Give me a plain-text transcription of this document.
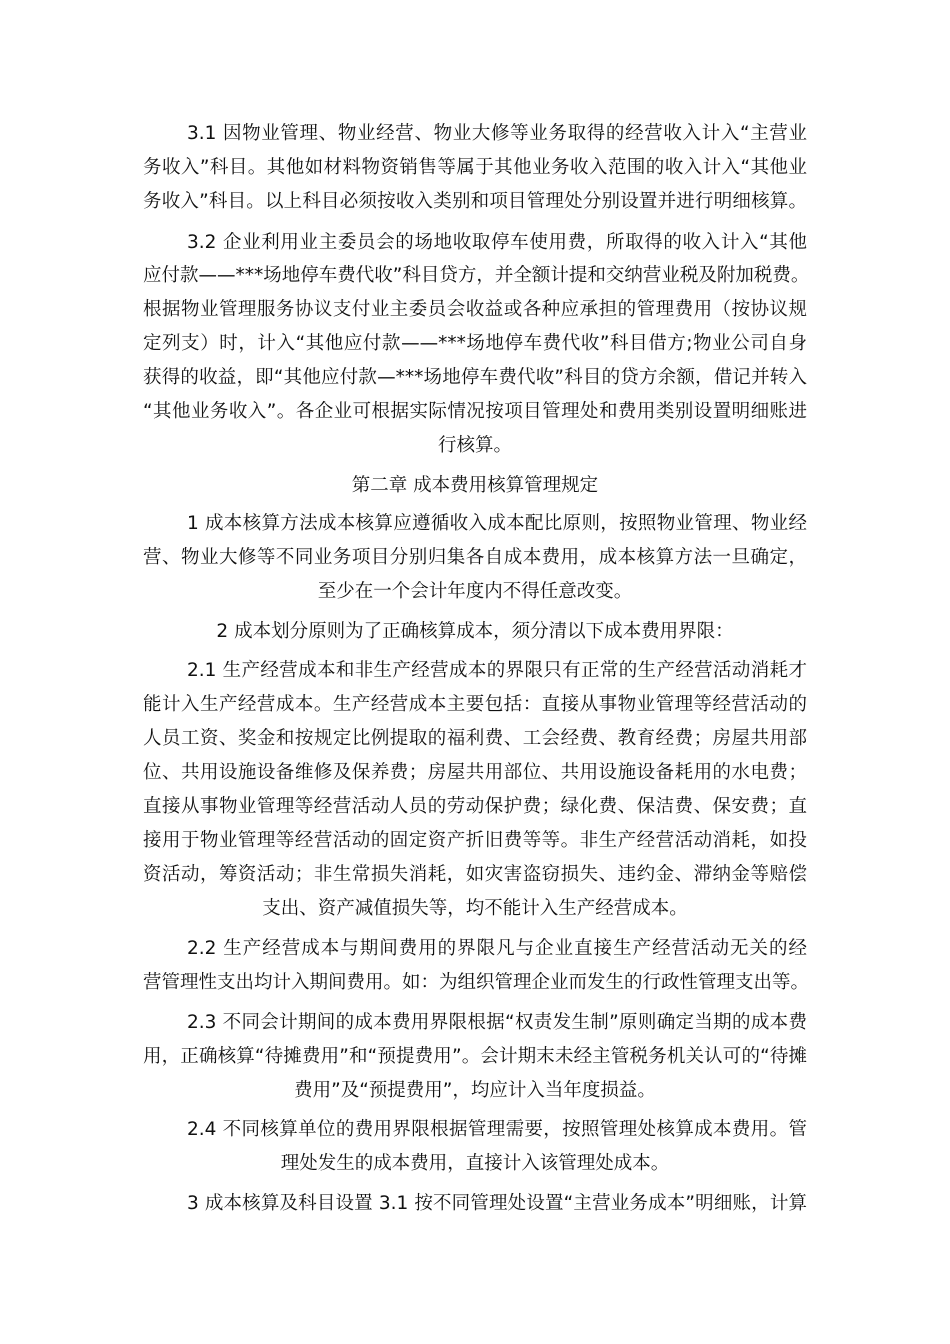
3.1 因物业管理、物业经营、物业大修等业务取得的经营收入计入“主营业
务收入”科目。其他如材料物资销售等属于其他业务收入范围的收入计入“其他业
务收入”科目。以上科目必须按收入类别和项目管理处分别设置并进行明细核算。
3.2 企业利用业主委员会的场地收取停车使用费，所取得的收入计入“其他
应付款——***场地停车费代收”科目贷方，并全额计提和交纳营业税及附加税费。
根据物业管理服务协议支付业主委员会收益或各种应承担的管理费用（按协议规
定列支）时，计入“其他应付款——***场地停车费代收”科目借方;物业公司自身
获得的收益，即“其他应付款—***场地停车费代收”科目的贷方余额，借记并转入
“其他业务收入”。各企业可根据实际情况按项目管理处和费用类别设置明细账进
行核算。
第二章 成本费用核算管理规定
1 成本核算方法成本核算应遵循收入成本配比原则，按照物业管理、物业经
营、物业大修等不同业务项目分别归集各自成本费用，成本核算方法一旦确定，
至少在一个会计年度内不得任意改变。
2 成本划分原则为了正确核算成本，须分清以下成本费用界限：
2.1 生产经营成本和非生产经营成本的界限只有正常的生产经营活动消耗才
能计入生产经营成本。生产经营成本主要包括：直接从事物业管理等经营活动的
人员工资、奖金和按规定比例提取的福利费、工会经费、教育经费；房屋共用部
位、共用设施设备维修及保养费；房屋共用部位、共用设施设备耗用的水电费；
直接从事物业管理等经营活动人员的劳动保护费；绿化费、保洁费、保安费；直
接用于物业管理等经营活动的固定资产折旧费等等。非生产经营活动消耗，如投
资活动，筹资活动；非生常损失消耗，如灾害盗窃损失、违约金、滞纳金等赔偿
支出、资产减值损失等，均不能计入生产经营成本。
2.2 生产经营成本与期间费用的界限凡与企业直接生产经营活动无关的经
营管理性支出均计入期间费用。如：为组织管理企业而发生的行政性管理支出等。
2.3 不同会计期间的成本费用界限根据“权责发生制”原则确定当期的成本费
用，正确核算“待摊费用”和“预提费用”。会计期末未经主管税务机关认可的“待摊
费用”及“预提费用”，均应计入当年度损益。
2.4 不同核算单位的费用界限根据管理需要，按照管理处核算成本费用。管
理处发生的成本费用，直接计入该管理处成本。
3 成本核算及科目设置 3.1 按不同管理处设置“主营业务成本”明细账，计算
